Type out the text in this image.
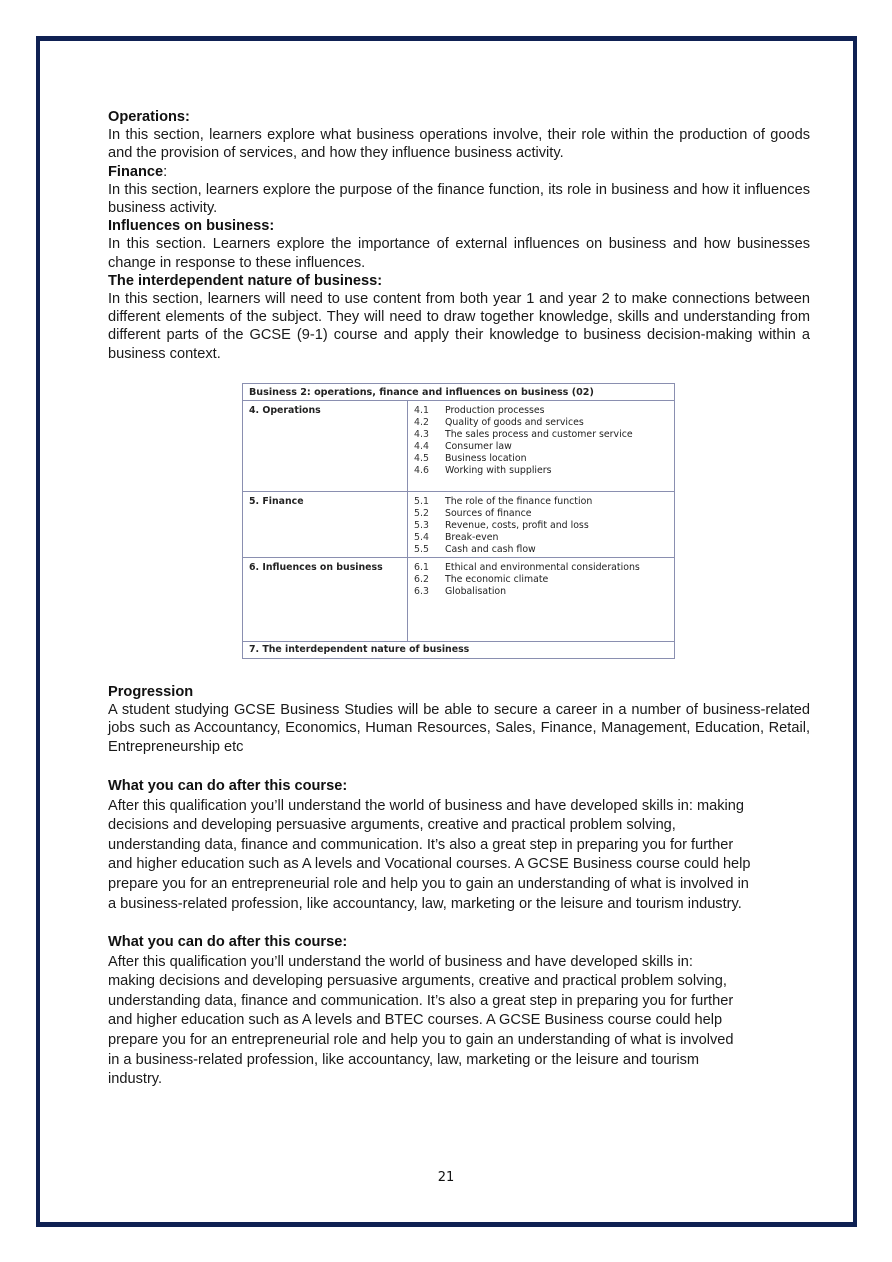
Operations:

In this section, learners explore what business operations involve, their role within the production of goods and the provision of services, and how they influence business activity.

Finance:

In this section, learners explore the purpose of the finance function, its role in business and how it influences business activity.

Influences on business:

In this section. Learners explore the importance of external influences on business and how businesses change in response to these influences.

The interdependent nature of business:

In this section, learners will need to use content from both year 1 and year 2 to make connections between different elements of the subject. They will need to draw together knowledge, skills and understanding from different parts of the GCSE (9-1) course and apply their knowledge to business decision-making within a business context.

Business 2: operations, finance and influences on business (02)
4. Operations	4.1 Production processes
4.2 Quality of goods and services
4.3 The sales process and customer service
4.4 Consumer law
4.5 Business location
4.6 Working with suppliers
5. Finance	5.1 The role of the finance function
5.2 Sources of finance
5.3 Revenue, costs, profit and loss
5.4 Break-even
5.5 Cash and cash flow
6. Influences on business	6.1 Ethical and environmental considerations
6.2 The economic climate
6.3 Globalisation
7. The interdependent nature of business
Progression

A student studying GCSE Business Studies will be able to secure a career in a number of business-related jobs such as Accountancy, Economics, Human Resources, Sales, Finance, Management, Education, Retail, Entrepreneurship etc

What you can do after this course:
After this qualification you’ll understand the world of business and have developed skills in: making
decisions and developing persuasive arguments, creative and practical problem solving,
understanding data, finance and communication. It’s also a great step in preparing you for further
and higher education such as A levels and Vocational courses. A GCSE Business course could help
prepare you for an entrepreneurial role and help you to gain an understanding of what is involved in
a business-related profession, like accountancy, law, marketing or the leisure and tourism industry.
What you can do after this course:
After this qualification you’ll understand the world of business and have developed skills in:
making decisions and developing persuasive arguments, creative and practical problem solving,
understanding data, finance and communication. It’s also a great step in preparing you for further
and higher education such as A levels and BTEC courses. A GCSE Business course could help
prepare you for an entrepreneurial role and help you to gain an understanding of what is involved
in a business-related profession, like accountancy, law, marketing or the leisure and tourism
industry.
21
